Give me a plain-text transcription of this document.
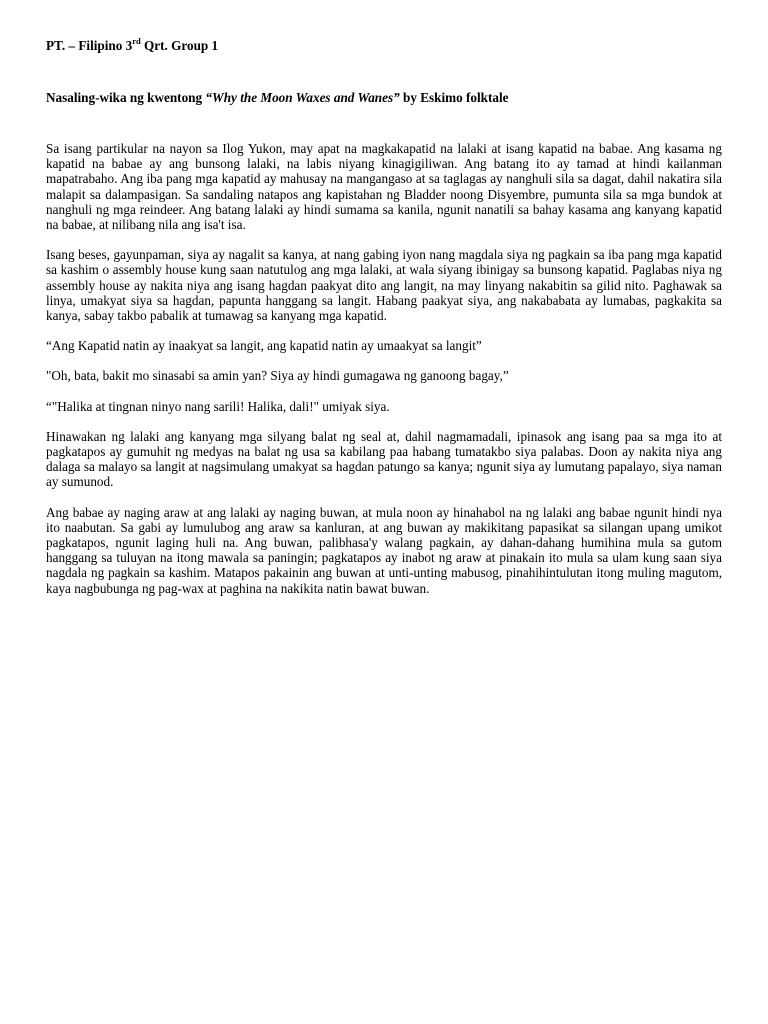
PT. – Filipino 3rd Qrt. Group 1

Nasaling-wika ng kwentong “Why the Moon Waxes and Wanes” by Eskimo folktale

Sa isang partikular na nayon sa Ilog Yukon, may apat na magkakapatid na lalaki at isang kapatid na babae. Ang kasama ng kapatid na babae ay ang bunsong lalaki, na labis niyang kinagigiliwan. Ang batang ito ay tamad at hindi kailanman mapatrabaho. Ang iba pang mga kapatid ay mahusay na mangangaso at sa taglagas ay nanghuli sila sa dagat, dahil nakatira sila malapit sa dalampasigan. Sa sandaling natapos ang kapistahan ng Bladder noong Disyembre, pumunta sila sa mga bundok at nanghuli ng mga reindeer. Ang batang lalaki ay hindi sumama sa kanila, ngunit nanatili sa bahay kasama ang kanyang kapatid na babae, at nilibang nila ang isa't isa.

Isang beses, gayunpaman, siya ay nagalit sa kanya, at nang gabing iyon nang magdala siya ng pagkain sa iba pang mga kapatid sa kashim o assembly house kung saan natutulog ang mga lalaki, at wala siyang ibinigay sa bunsong kapatid. Paglabas niya ng assembly house ay nakita niya ang isang hagdan paakyat dito ang langit, na may linyang nakabitin sa gilid nito. Paghawak sa linya, umakyat siya sa hagdan, papunta hanggang sa langit. Habang paakyat siya, ang nakababata ay lumabas, pagkakita sa kanya, sabay takbo pabalik at tumawag sa kanyang mga kapatid.

“Ang Kapatid natin ay inaakyat sa langit, ang kapatid natin ay umaakyat sa langit”

"Oh, bata, bakit mo sinasabi sa amin yan? Siya ay hindi gumagawa ng ganoong bagay,”

“"Halika at tingnan ninyo nang sarili! Halika, dali!" umiyak siya.

Hinawakan ng lalaki ang kanyang mga silyang balat ng seal at, dahil nagmamadali, ipinasok ang isang paa sa mga ito at pagkatapos ay gumuhit ng medyas na balat ng usa sa kabilang paa habang tumatakbo siya palabas. Doon ay nakita niya ang dalaga sa malayo sa langit at nagsimulang umakyat sa hagdan patungo sa kanya; ngunit siya ay lumutang papalayo, siya naman ay sumunod.

Ang babae ay naging araw at ang lalaki ay naging buwan, at mula noon ay hinahabol na ng lalaki ang babae ngunit hindi nya ito naabutan. Sa gabi ay lumulubog ang araw sa kanluran, at ang buwan ay makikitang papasikat sa silangan upang umikot pagkatapos, ngunit laging huli na. Ang buwan, palibhasa'y walang pagkain, ay dahan-dahang humihina mula sa gutom hanggang sa tuluyan na itong mawala sa paningin; pagkatapos ay inabot ng araw at pinakain ito mula sa ulam kung saan siya nagdala ng pagkain sa kashim. Matapos pakainin ang buwan at unti-unting mabusog, pinahihintulutan itong muling magutom, kaya nagbubunga ng pag-wax at paghina na nakikita natin bawat buwan.
